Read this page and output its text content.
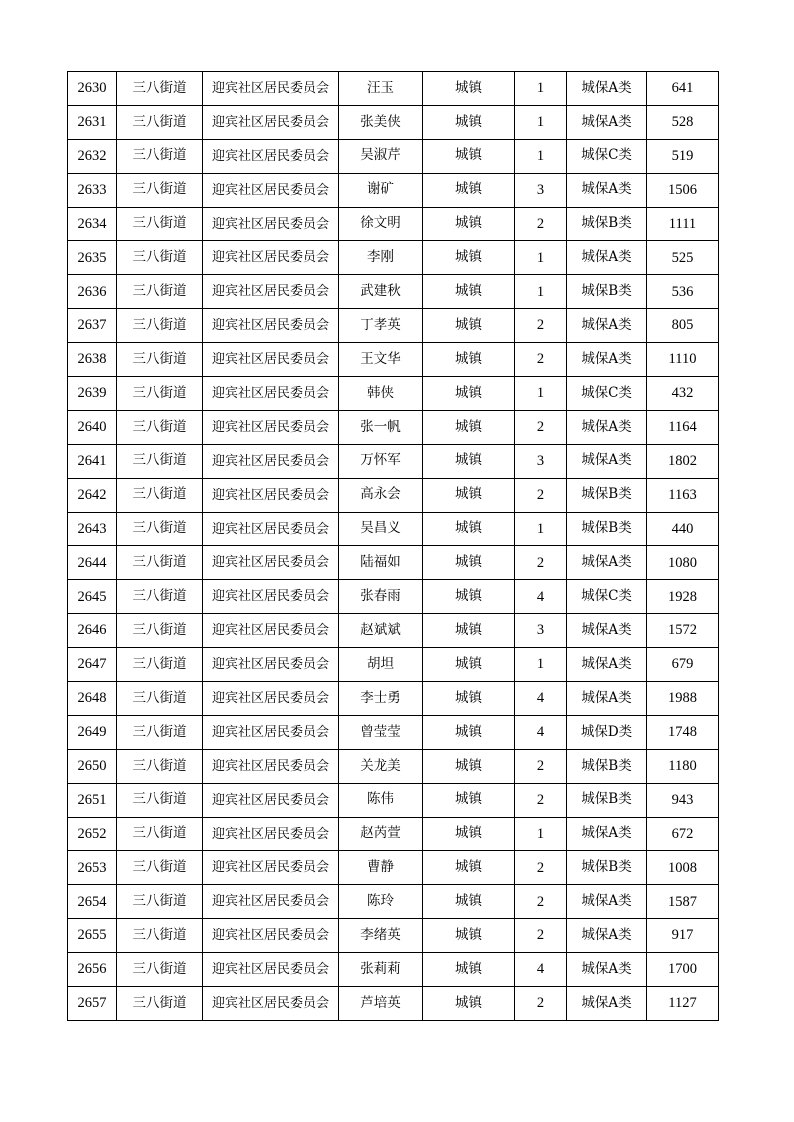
2630	三八街道	迎宾社区居民委员会	汪玉	城镇	1	城保A类	641
2631	三八街道	迎宾社区居民委员会	张美侠	城镇	1	城保A类	528
2632	三八街道	迎宾社区居民委员会	吴淑芹	城镇	1	城保C类	519
2633	三八街道	迎宾社区居民委员会	谢矿	城镇	3	城保A类	1506
2634	三八街道	迎宾社区居民委员会	徐文明	城镇	2	城保B类	1111
2635	三八街道	迎宾社区居民委员会	李刚	城镇	1	城保A类	525
2636	三八街道	迎宾社区居民委员会	武建秋	城镇	1	城保B类	536
2637	三八街道	迎宾社区居民委员会	丁孝英	城镇	2	城保A类	805
2638	三八街道	迎宾社区居民委员会	王文华	城镇	2	城保A类	1110
2639	三八街道	迎宾社区居民委员会	韩侠	城镇	1	城保C类	432
2640	三八街道	迎宾社区居民委员会	张一帆	城镇	2	城保A类	1164
2641	三八街道	迎宾社区居民委员会	万怀军	城镇	3	城保A类	1802
2642	三八街道	迎宾社区居民委员会	高永会	城镇	2	城保B类	1163
2643	三八街道	迎宾社区居民委员会	吴昌义	城镇	1	城保B类	440
2644	三八街道	迎宾社区居民委员会	陆福如	城镇	2	城保A类	1080
2645	三八街道	迎宾社区居民委员会	张春雨	城镇	4	城保C类	1928
2646	三八街道	迎宾社区居民委员会	赵斌斌	城镇	3	城保A类	1572
2647	三八街道	迎宾社区居民委员会	胡坦	城镇	1	城保A类	679
2648	三八街道	迎宾社区居民委员会	李士勇	城镇	4	城保A类	1988
2649	三八街道	迎宾社区居民委员会	曾莹莹	城镇	4	城保D类	1748
2650	三八街道	迎宾社区居民委员会	关龙美	城镇	2	城保B类	1180
2651	三八街道	迎宾社区居民委员会	陈伟	城镇	2	城保B类	943
2652	三八街道	迎宾社区居民委员会	赵芮萱	城镇	1	城保A类	672
2653	三八街道	迎宾社区居民委员会	曹静	城镇	2	城保B类	1008
2654	三八街道	迎宾社区居民委员会	陈玲	城镇	2	城保A类	1587
2655	三八街道	迎宾社区居民委员会	李绪英	城镇	2	城保A类	917
2656	三八街道	迎宾社区居民委员会	张莉莉	城镇	4	城保A类	1700
2657	三八街道	迎宾社区居民委员会	芦培英	城镇	2	城保A类	1127
